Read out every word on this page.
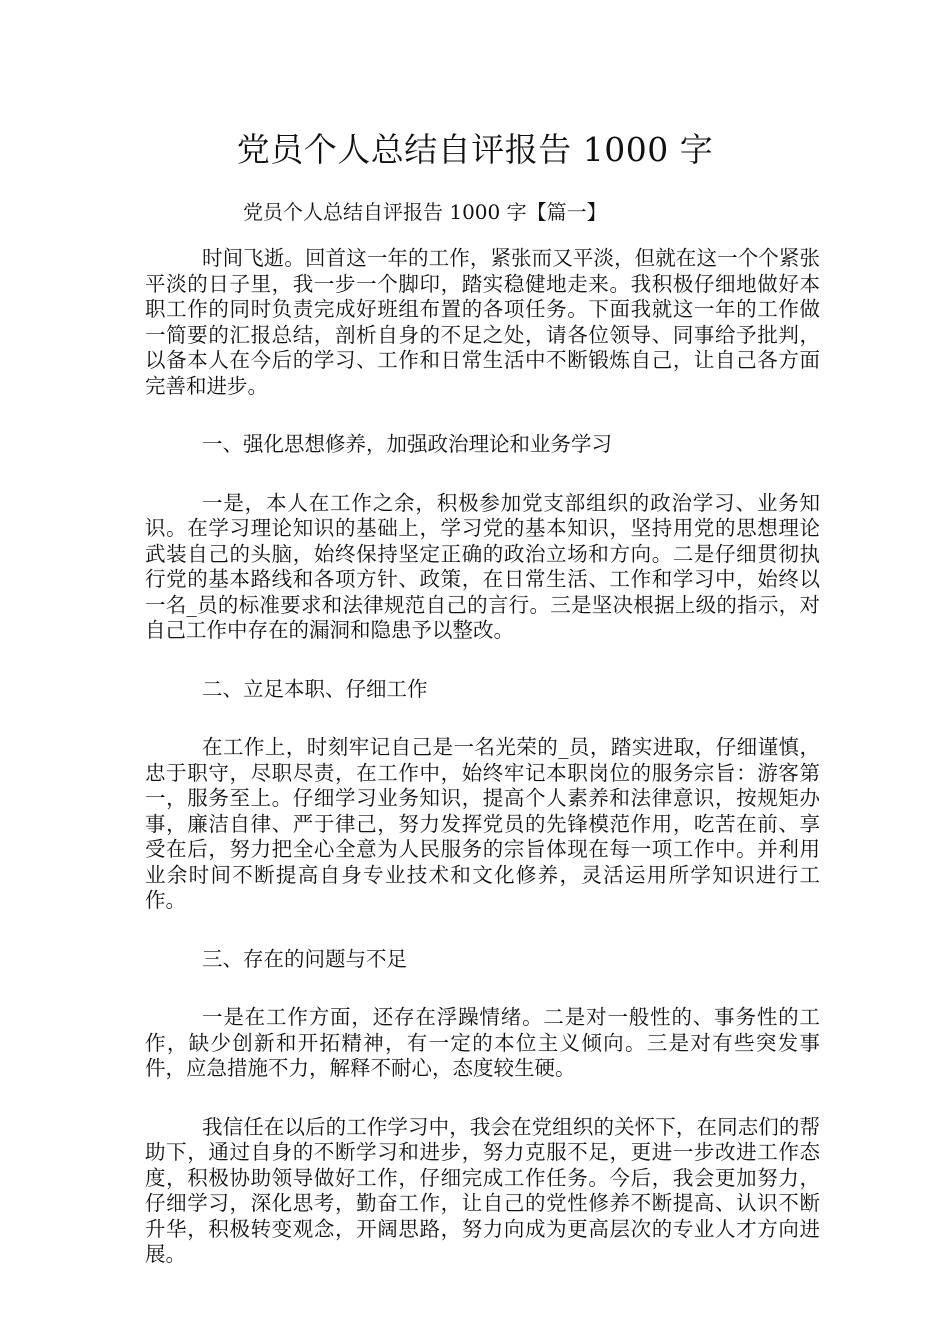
党员个人总结自评报告 1000 字

党员个人总结自评报告 1000 字【篇一】

时间飞逝。回首这一年的工作，紧张而又平淡，但就在这一个个紧张平淡的日子里，我一步一个脚印，踏实稳健地走来。我积极仔细地做好本职工作的同时负责完成好班组布置的各项任务。下面我就这一年的工作做一简要的汇报总结，剖析自身的不足之处，请各位领导、同事给予批判，以备本人在今后的学习、工作和日常生活中不断锻炼自己，让自己各方面完善和进步。

一、强化思想修养，加强政治理论和业务学习

一是，本人在工作之余，积极参加党支部组织的政治学习、业务知识。在学习理论知识的基础上，学习党的基本知识，坚持用党的思想理论武装自己的头脑，始终保持坚定正确的政治立场和方向。二是仔细贯彻执行党的基本路线和各项方针、政策，在日常生活、工作和学习中，始终以一名_员的标准要求和法律规范自己的言行。三是坚决根据上级的指示，对自己工作中存在的漏洞和隐患予以整改。

二、立足本职、仔细工作

在工作上，时刻牢记自己是一名光荣的_员，踏实进取，仔细谨慎，忠于职守，尽职尽责，在工作中，始终牢记本职岗位的服务宗旨：游客第一，服务至上。仔细学习业务知识，提高个人素养和法律意识，按规矩办事，廉洁自律、严于律己，努力发挥党员的先锋模范作用，吃苦在前、享受在后，努力把全心全意为人民服务的宗旨体现在每一项工作中。并利用业余时间不断提高自身专业技术和文化修养，灵活运用所学知识进行工作。

三、存在的问题与不足

一是在工作方面，还存在浮躁情绪。二是对一般性的、事务性的工作，缺少创新和开拓精神，有一定的本位主义倾向。三是对有些突发事件，应急措施不力，解释不耐心，态度较生硬。

我信任在以后的工作学习中，我会在党组织的关怀下，在同志们的帮助下，通过自身的不断学习和进步，努力克服不足，更进一步改进工作态度，积极协助领导做好工作，仔细完成工作任务。今后，我会更加努力，仔细学习，深化思考，勤奋工作，让自己的党性修养不断提高、认识不断升华，积极转变观念，开阔思路，努力向成为更高层次的专业人才方向进展。
